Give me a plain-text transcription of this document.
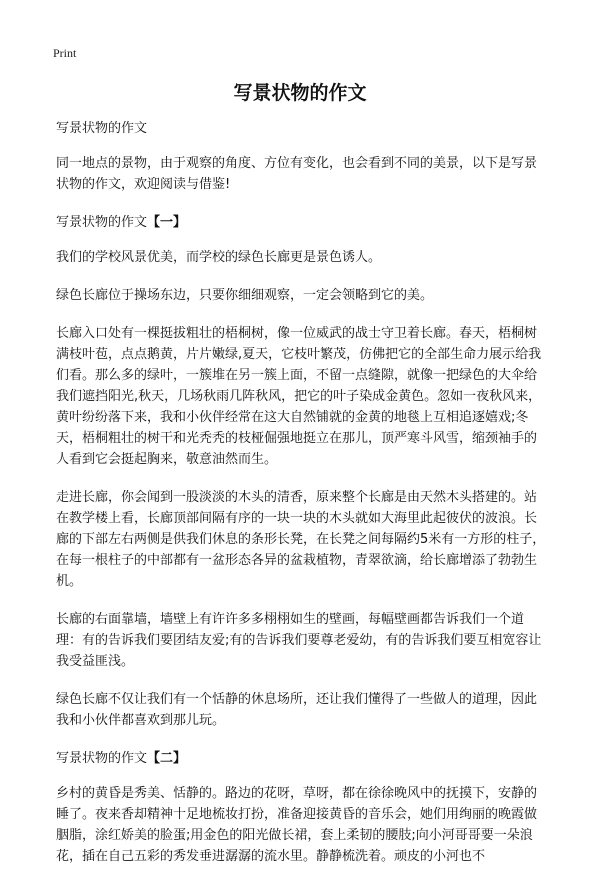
Print
写景状物的作文

写景状物的作文

同一地点的景物，由于观察的角度、方位有变化，也会看到不同的美景，以下是写景状物的作文，欢迎阅读与借鉴!

写景状物的作文【一】

我们的学校风景优美，而学校的绿色长廊更是景色诱人。

绿色长廊位于操场东边，只要你细细观察，一定会领略到它的美。

长廊入口处有一棵挺拔粗壮的梧桐树，像一位威武的战士守卫着长廊。春天，梧桐树满枝叶苞，点点鹅黄，片片嫩绿,夏天，它枝叶繁茂，仿佛把它的全部生命力展示给我们看。那么多的绿叶，一簇堆在另一簇上面，不留一点缝隙，就像一把绿色的大伞给我们遮挡阳光,秋天，几场秋雨几阵秋风，把它的叶子染成金黄色。忽如一夜秋风来，黄叶纷纷落下来，我和小伙伴经常在这大自然铺就的金黄的地毯上互相追逐嬉戏;冬天，梧桐粗壮的树干和光秃秃的枝桠倔强地挺立在那儿，顶严寒斗风雪，缩颈袖手的人看到它会挺起胸来，敬意油然而生。

走进长廊，你会闻到一股淡淡的木头的清香，原来整个长廊是由天然木头搭建的。站在教学楼上看，长廊顶部间隔有序的一块一块的木头就如大海里此起彼伏的波浪。长廊的下部左右两侧是供我们休息的条形长凳，在长凳之间每隔约5米有一方形的柱子，在每一根柱子的中部都有一盆形态各异的盆栽植物，青翠欲滴，给长廊增添了勃勃生机。

长廊的右面靠墙，墙壁上有许许多多栩栩如生的壁画，每幅壁画都告诉我们一个道理：有的告诉我们要团结友爱;有的告诉我们要尊老爱幼，有的告诉我们要互相宽容让我受益匪浅。

绿色长廊不仅让我们有一个恬静的休息场所，还让我们懂得了一些做人的道理，因此我和小伙伴都喜欢到那儿玩。

写景状物的作文【二】

乡村的黄昏是秀美、恬静的。路边的花呀，草呀，都在徐徐晚风中的抚摸下，安静的睡了。夜来香却精神十足地梳妆打扮，准备迎接黄昏的音乐会，她们用绚丽的晚霞做胭脂，涂红娇美的脸蛋;用金色的阳光做长裙，套上柔韧的腰肢;向小河哥哥要一朵浪花，插在自己五彩的秀发垂进潺潺的流水里。静静梳洗着。顽皮的小河也不
